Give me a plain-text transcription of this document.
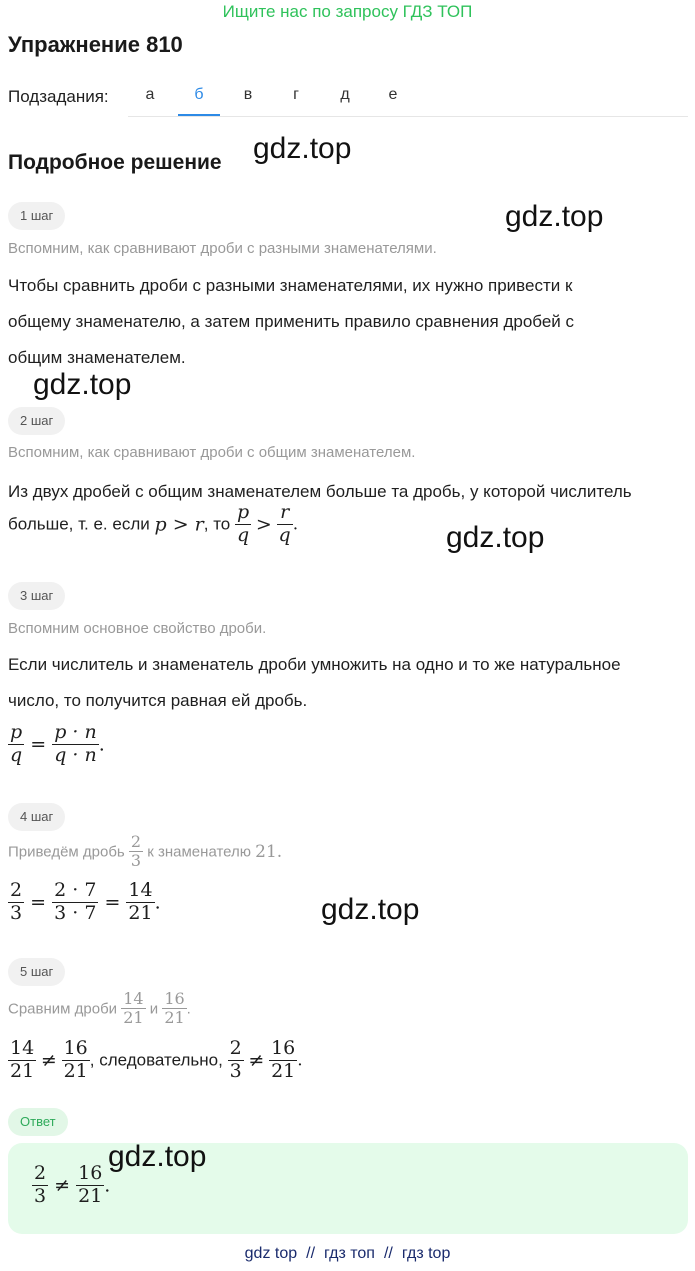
Ищите нас по запросу ГДЗ ТОП
Упражнение 810
Подзадания:	а	б	в	г	д	е
Подробное решение gdz.top
gdz.top
gdz.top
gdz.top
gdz.top
1 шаг
Вспомним, как сравнивают дроби с разными знаменателями.
Чтобы сравнить дроби с разными знаменателями, их нужно привести к
общему знаменателю, а затем применить правило сравнения дробей с
общим знаменателем.
2 шаг
Вспомним, как сравнивают дроби с общим знаменателем.
Из двух дробей с общим знаменателем больше та дробь, у которой числитель
больше, т. е. если p > r, то $\frac{p}{q} > \frac{r}{q}$ .
3 шаг
Вспомним основное свойство дроби.
Если числитель и знаменатель дроби умножить на одно и то же натуральное
число, то получится равная ей дробь.
$\frac{p}{q} = \frac{p \cdot n}{q \cdot n}$ .
4 шаг
Приведём дробь $\frac{2}{3}$ к знаменателю 21.
$\frac{2}{3} = \frac{2 \cdot 7}{3 \cdot 7} = \frac{14}{21}$ .
5 шаг
Сравним дроби $\frac{14}{21}$ и $\frac{16}{21}$ .
$\frac{14}{21} \ne \frac{16}{21}$ , следовательно, $\frac{2}{3} \ne \frac{16}{21}$ .
Ответ
$\frac{2}{3} \ne \frac{16}{21}$ .
gdz.top
gdz top // гдз топ // гдз top
